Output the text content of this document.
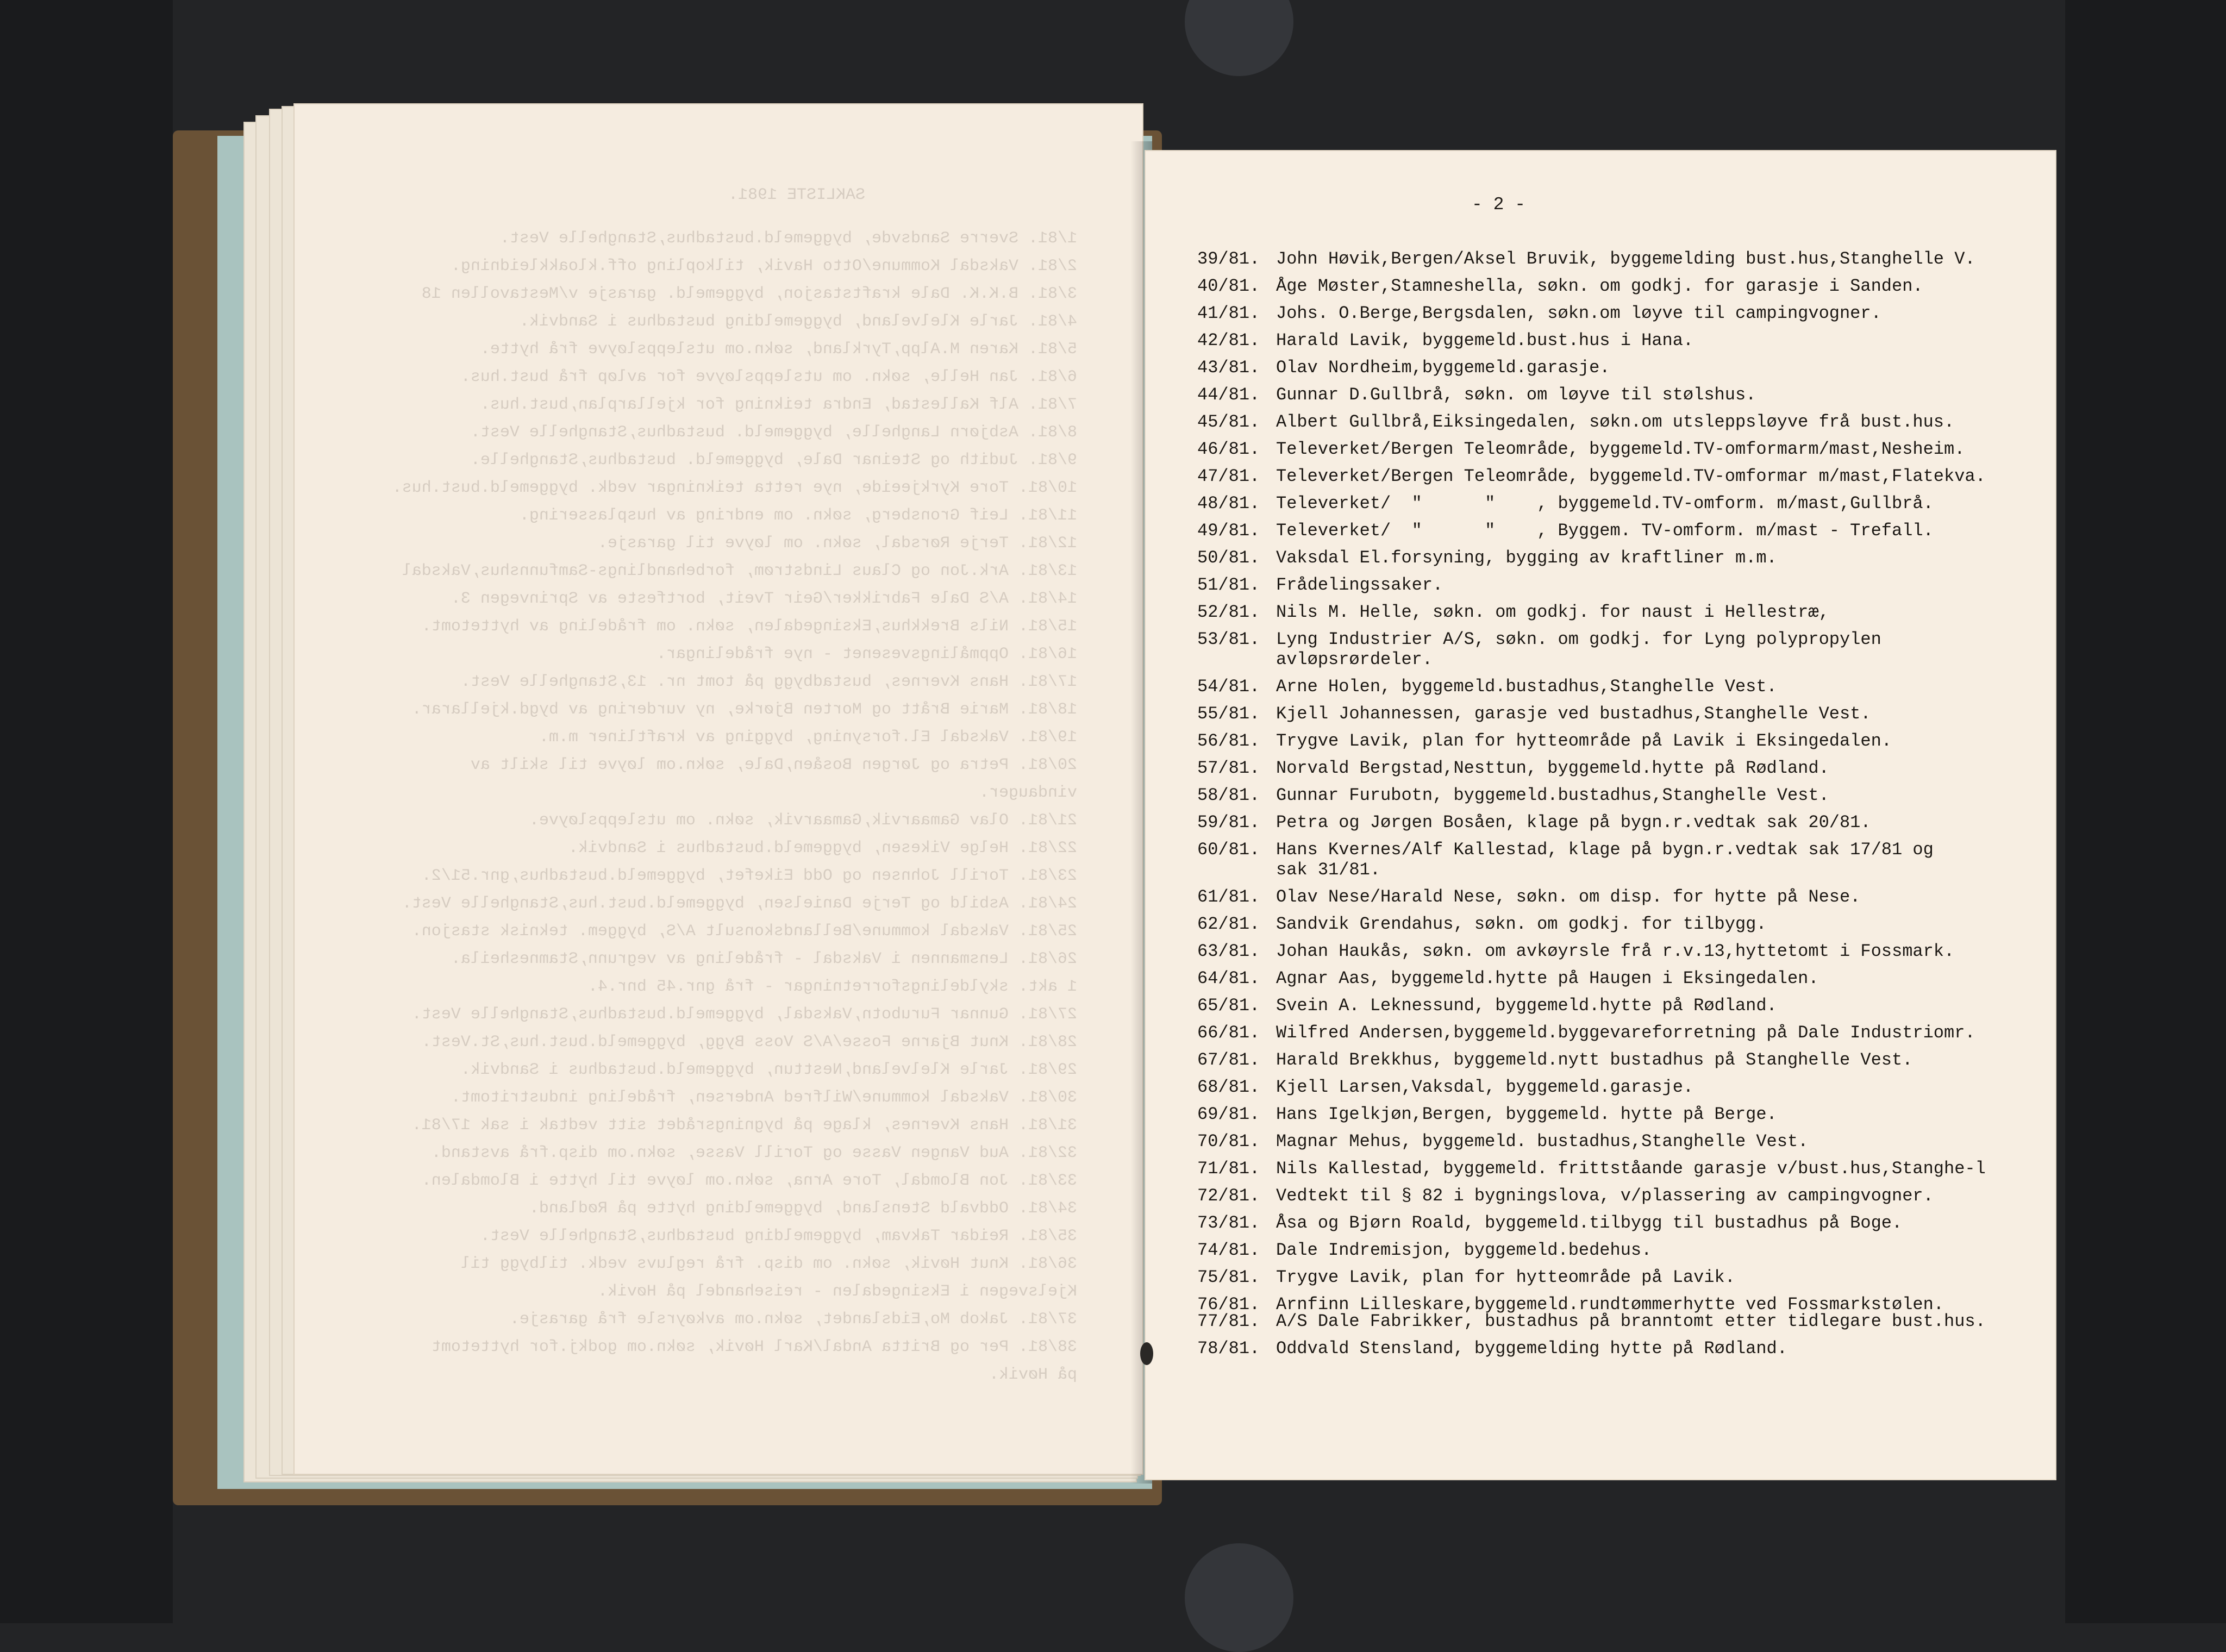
SAKLISTE 1981.
1/81. Sverre Sandsvde, byggemeld.bustadhus,Stanghelle Vest.
2/81. Vaksdal Kommune/Otto Havik, tilkopling off.kloakkleidning.
3/81. B.K.K. Dale kraftstasjon, byggemeld. garasje v/Mestavollen 18
4/81. Jarle Klelveland, byggemelding bustadhus i Sandvik.
5/81. Karen M.Alpp,Tyrkland, søkn.om utsleppsløyve frå hytte.
6/81. Jan Helle, søkn. om utsleppsløyve for avløp frå bust.hus.
7/81. Alf Kallestad, Endra teikning for kjellarplan,bust.hus.
8/81. Asbjørn Langhelle, byggemeld. bustadhus,Stanghelle Vest.
9/81. Judith og Steinar Dale, byggemeld. bustadhus,Stanghelle.
10/81. Tore Kyrkjeeide, nye retta teikningar vedk. byggemeld.bust.hus.
11/81. Leif Gronsberg, søkn. om endring av husplassering.
12/81. Terje Rørsdal, søkn. om løyve til garasje.
13/81. Ark.Jon og Claus Lindstrøm, forbehandlings-Samfunnshus,Vaksdal
14/81. A/S Dale Fabrikker/Geir Tveit, bortfeste av Sprinvegen 3.
15/81. Nils Brekkhus,Eksingedalen, søkn. om frådeling av hyttetomt.
16/81. Oppmålingsvesenet - nye frådelingar.
17/81. Hans Kvernes, bustadbygg på tomt nr. 13,Stanghelle Vest.
18/81. Marie Brått og Morten Bjørke, ny vurdering av bygd.kjellarar.
19/81. Vaksdal El.forsyning, bygging av kraftliner m.m.
20/81. Petra og Jørgen Bosåen,Dale, søkn.om løyve til skilt av
vindauger.
21/81. Olav Gamaarvik,Gamaarvik, søkn. om utsleppsløyve.
22/81. Helge Vikesen, byggemeld.bustadhus i Sandvik.
23/81. Torill Johnsen og Odd Eikefet, byggemeld.bustadhus,gnr.51/2.
24/81. Asbild og Terje Danielsen, byggemeld.bust.hus,Stanghelle Vest.
25/81. Vaksdal kommune/Bellandskonsult A/S, byggem. teknisk stasjon.
26/81. Lensmannen i Vaksdal - frådeling av vegrunn,Stamnesheila.
1 akt. skyldelingsforretningar - frå gnr.45 bnr.4.
27/81. Gunnar Furubotn,Vaksdal, byggemeld.bustadhus,Stanghelle Vest.
28/81. Knut Bjarne Fosse/A/S Voss Bygg, byggemeld.bust.hus,St.Vest.
29/81. Jarle Klelveland,Nesttun, byggemeld.bustadhus i Sandvik.
30/81. Vaksdal kommune/Wilfred Andersen, frådeling industritomt.
31/81. Hans Kvernes, klage på bygningsrådet sitt vedtak i sak 17/81.
32/81. Aud Vangen Vasse og Torill Vasse, søkn.om disp.frå avstand.
33/81. Jon Blomdal, Tore Arna, søkn.om løyve til hytte i Blomdalen.
34/81. Oddvald Stensland, byggemelding hytte på Rødland.
35/81. Reidar Takvam, byggemelding bustadhus,Stanghelle Vest.
36/81. Knut Høvik, søkn. om disp. frå regluvs vedk. tilbygg til
Kjelsvegen i Eksingedalen - reisehandel på Høvik.
37/81. Jakob Mo,Eidslandet, søkn.om avkøyrsle frå garasje.
38/81. Per og Britta Andal/Karl Høvik, søkn.om godkj.for hyttetomt
på Høvik.
- 2 -
39/81. John Høvik,Bergen/Aksel Bruvik, byggemelding bust.hus,Stanghelle V.
40/81. Åge Møster,Stamneshella, søkn. om godkj. for garasje i Sanden.
41/81. Johs. O.Berge,Bergsdalen, søkn.om løyve til campingvogner.
42/81. Harald Lavik, byggemeld.bust.hus i Hana.
43/81. Olav Nordheim,byggemeld.garasje.
44/81. Gunnar D.Gullbrå, søkn. om løyve til stølshus.
45/81. Albert Gullbrå,Eiksingedalen, søkn.om utsleppsløyve frå bust.hus.
46/81. Televerket/Bergen Teleområde, byggemeld.TV-omformarm/mast,Nesheim.
47/81. Televerket/Bergen Teleområde, byggemeld.TV-omformar m/mast,Flatekva.
48/81. Televerket/  "      "    , byggemeld.TV-omform. m/mast,Gullbrå.
49/81. Televerket/  "      "    , Byggem. TV-omform. m/mast - Trefall.
50/81. Vaksdal El.forsyning, bygging av kraftliner m.m.
51/81. Frådelingssaker.
52/81. Nils M. Helle, søkn. om godkj. for naust i Hellestræ,
53/81. Lyng Industrier A/S, søkn. om godkj. for Lyng polypropylen
avløpsrørdeler.
54/81. Arne Holen, byggemeld.bustadhus,Stanghelle Vest.
55/81. Kjell Johannessen, garasje ved bustadhus,Stanghelle Vest.
56/81. Trygve Lavik, plan for hytteområde på Lavik i Eksingedalen.
57/81. Norvald Bergstad,Nesttun, byggemeld.hytte på Rødland.
58/81. Gunnar Furubotn, byggemeld.bustadhus,Stanghelle Vest.
59/81. Petra og Jørgen Bosåen, klage på bygn.r.vedtak sak 20/81.
60/81. Hans Kvernes/Alf Kallestad, klage på bygn.r.vedtak sak 17/81 og
sak 31/81.
61/81. Olav Nese/Harald Nese, søkn. om disp. for hytte på Nese.
62/81. Sandvik Grendahus, søkn. om godkj. for tilbygg.
63/81. Johan Haukås, søkn. om avkøyrsle frå r.v.13,hyttetomt i Fossmark.
64/81. Agnar Aas, byggemeld.hytte på Haugen i Eksingedalen.
65/81. Svein A. Leknessund, byggemeld.hytte på Rødland.
66/81. Wilfred Andersen,byggemeld.byggevareforretning på Dale Industriomr.
67/81. Harald Brekkhus, byggemeld.nytt bustadhus på Stanghelle Vest.
68/81. Kjell Larsen,Vaksdal, byggemeld.garasje.
69/81. Hans Igelkjøn,Bergen, byggemeld. hytte på Berge.
70/81. Magnar Mehus, byggemeld. bustadhus,Stanghelle Vest.
71/81. Nils Kallestad, byggemeld. frittståande garasje v/bust.hus,Stanghe-l
72/81. Vedtekt til § 82 i bygningslova, v/plassering av campingvogner.
73/81. Åsa og Bjørn Roald, byggemeld.tilbygg til bustadhus på Boge.
74/81. Dale Indremisjon, byggemeld.bedehus.
75/81. Trygve Lavik, plan for hytteområde på Lavik.
76/81. Arnfinn Lilleskare,byggemeld.rundtømmerhytte ved Fossmarkstølen.
77/81. A/S Dale Fabrikker, bustadhus på branntomt etter tidlegare bust.hus.
78/81. Oddvald Stensland, byggemelding hytte på Rødland.
